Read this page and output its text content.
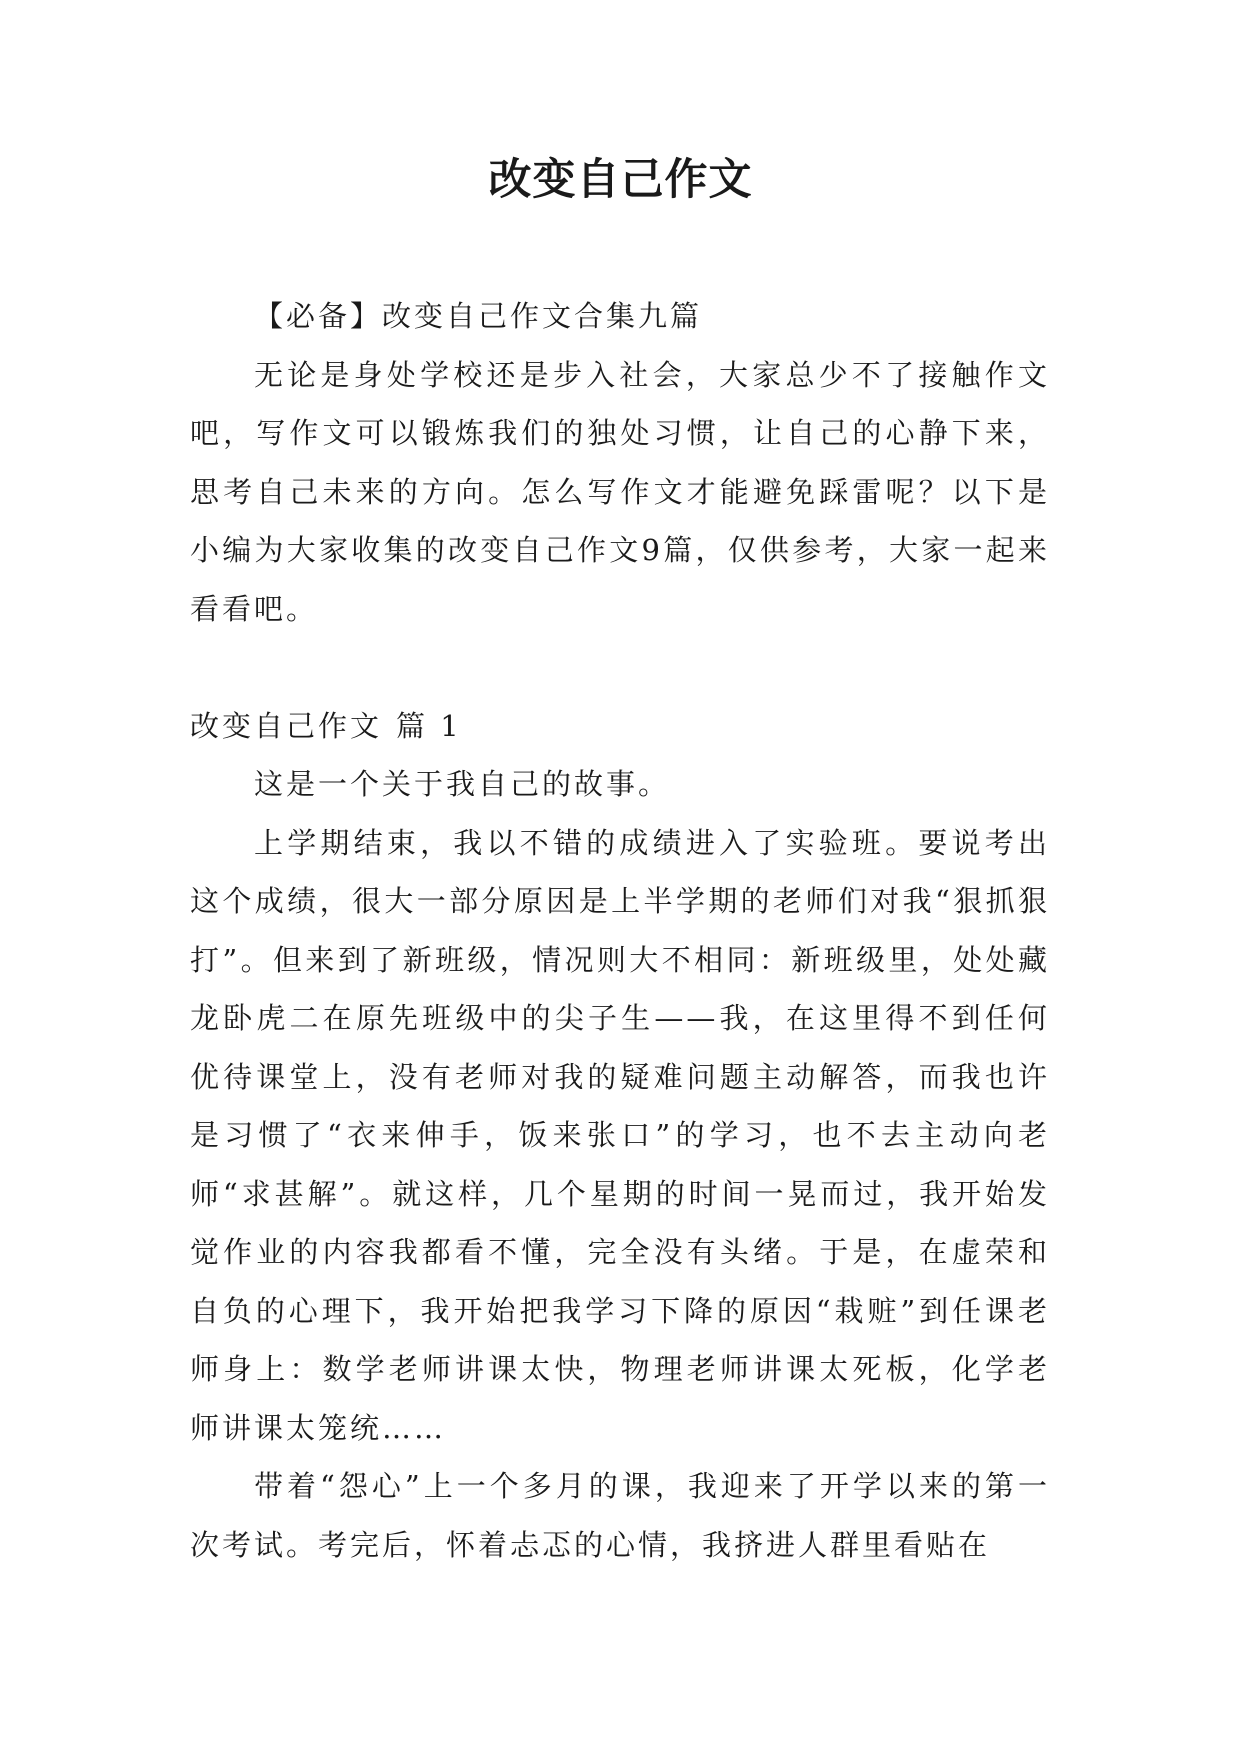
改变自己作文

【必备】改变自己作文合集九篇

无论是身处学校还是步入社会，大家总少不了接触作文吧，写作文可以锻炼我们的独处习惯，让自己的心静下来，思考自己未来的方向。怎么写作文才能避免踩雷呢？以下是小编为大家收集的改变自己作文9篇，仅供参考，大家一起来看看吧。

改变自己作文 篇 1

这是一个关于我自己的故事。

上学期结束，我以不错的成绩进入了实验班。要说考出这个成绩，很大一部分原因是上半学期的老师们对我“狠抓狠打”。但来到了新班级，情况则大不相同：新班级里，处处藏龙卧虎二在原先班级中的尖子生——我，在这里得不到任何优待课堂上，没有老师对我的疑难问题主动解答，而我也许是习惯了“衣来伸手，饭来张口”的学习，也不去主动向老师“求甚解”。就这样，几个星期的时间一晃而过，我开始发觉作业的内容我都看不懂，完全没有头绪。于是，在虚荣和自负的心理下，我开始把我学习下降的原因“栽赃”到任课老师身上：数学老师讲课太快，物理老师讲课太死板，化学老师讲课太笼统……

带着“怨心”上一个多月的课，我迎来了开学以来的第一次考试。考完后，怀着忐忑的心情，我挤进人群里看贴在
